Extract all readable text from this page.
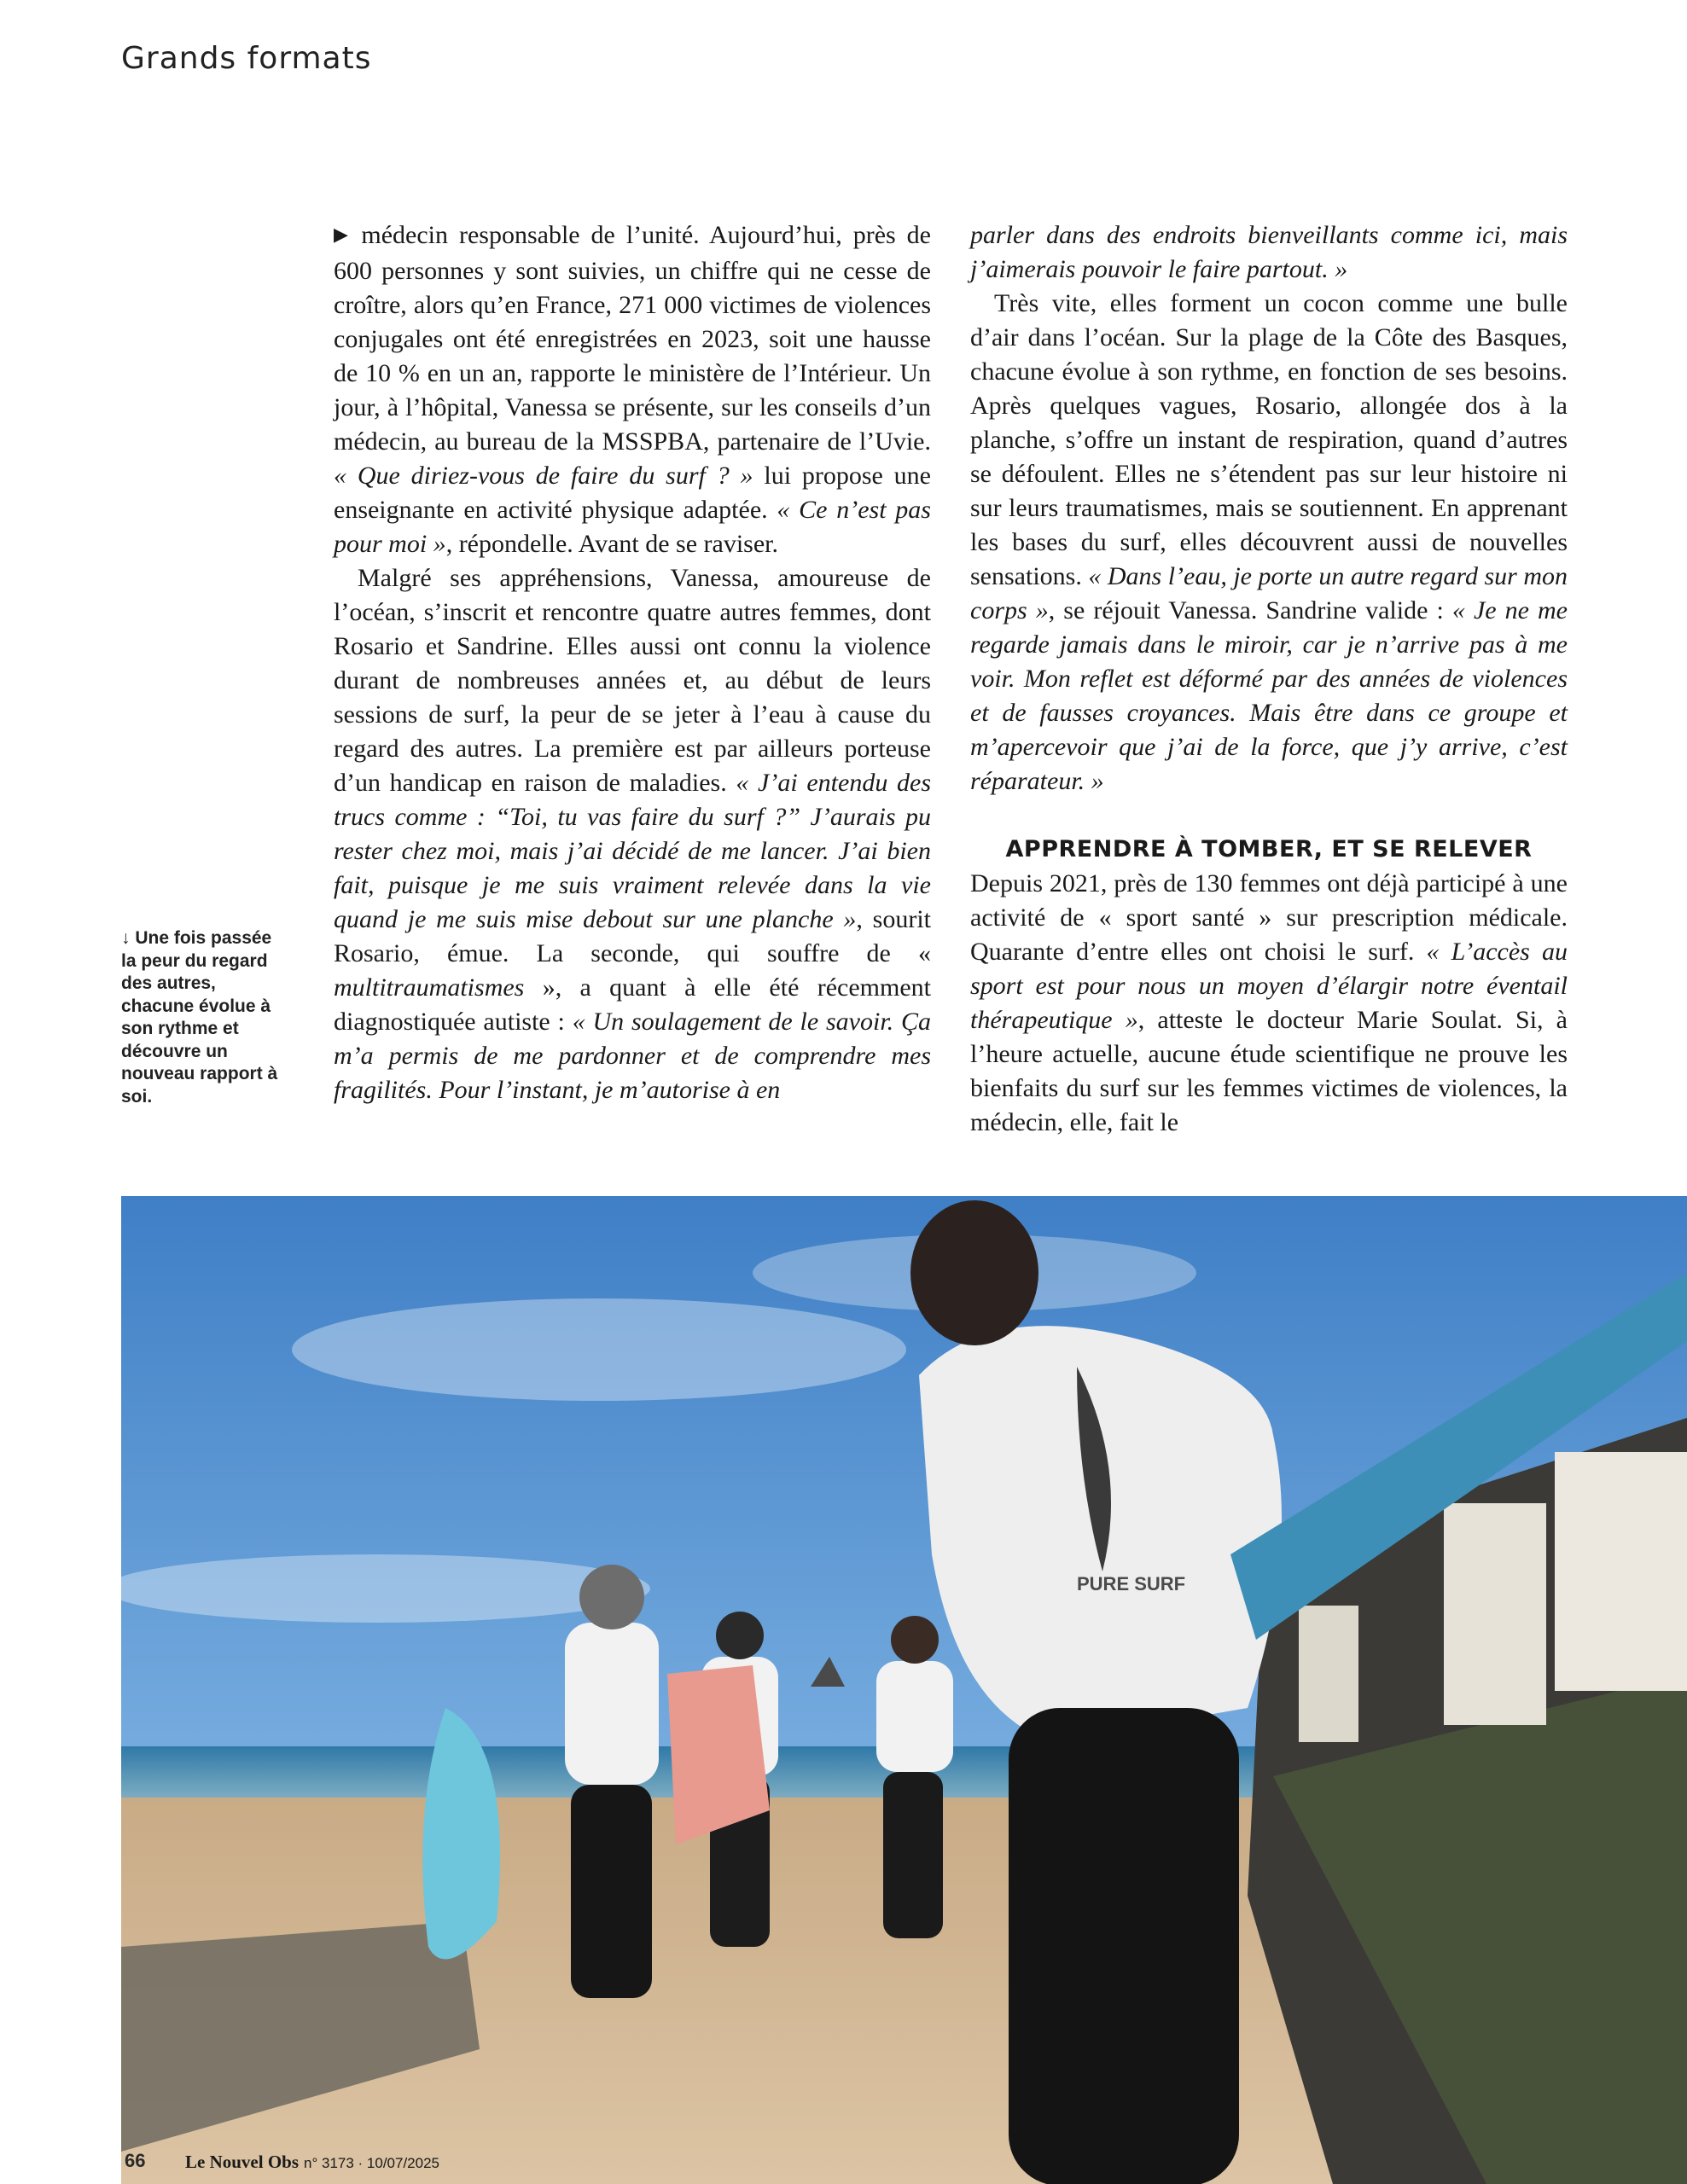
Grands formats
↓ Une fois passée la peur du regard des autres, chacune évolue à son rythme et découvre un nouveau rapport à soi.

▶ médecin responsable de l’unité. Aujourd’hui, près de 600 personnes y sont suivies, un chiffre qui ne cesse de croître, alors qu’en France, 271 000 victimes de violences conjugales ont été enregistrées en 2023, soit une hausse de 10 % en un an, rapporte le ministère de l’Intérieur. Un jour, à l’hôpital, Vanessa se présente, sur les conseils d’un médecin, au bureau de la MSSPBA, partenaire de l’Uvie. « Que diriez-vous de faire du surf ? » lui propose une enseignante en activité physique adaptée. « Ce n’est pas pour moi », répondelle. Avant de se raviser.

Malgré ses appréhensions, Vanessa, amoureuse de l’océan, s’inscrit et rencontre quatre autres femmes, dont Rosario et Sandrine. Elles aussi ont connu la violence durant de nombreuses années et, au début de leurs sessions de surf, la peur de se jeter à l’eau à cause du regard des autres. La première est par ailleurs porteuse d’un handicap en raison de maladies. « J’ai entendu des trucs comme : “Toi, tu vas faire du surf ?” J’aurais pu rester chez moi, mais j’ai décidé de me lancer. J’ai bien fait, puisque je me suis vraiment relevée dans la vie quand je me suis mise debout sur une planche », sourit Rosario, émue. La seconde, qui souffre de « multitraumatismes », a quant à elle été récemment diagnostiquée autiste : « Un soulagement de le savoir. Ça m’a permis de me pardonner et de comprendre mes fragilités. Pour l’instant, je m’autorise à en

parler dans des endroits bienveillants comme ici, mais j’aimerais pouvoir le faire partout. »

Très vite, elles forment un cocon comme une bulle d’air dans l’océan. Sur la plage de la Côte des Basques, chacune évolue à son rythme, en fonction de ses besoins. Après quelques vagues, Rosario, allongée dos à la planche, s’offre un instant de respiration, quand d’autres se défoulent. Elles ne s’étendent pas sur leur histoire ni sur leurs traumatismes, mais se soutiennent. En apprenant les bases du surf, elles découvrent aussi de nouvelles sensations. « Dans l’eau, je porte un autre regard sur mon corps », se réjouit Vanessa. Sandrine valide : « Je ne me regarde jamais dans le miroir, car je n’arrive pas à me voir. Mon reflet est déformé par des années de violences et de fausses croyances. Mais être dans ce groupe et m’apercevoir que j’ai de la force, que j’y arrive, c’est réparateur. »

APPRENDRE À TOMBER, ET SE RELEVER

Depuis 2021, près de 130 femmes ont déjà participé à une activité de « sport santé » sur prescription médicale. Quarante d’entre elles ont choisi le surf. « L’accès au sport est pour nous un moyen d’élargir notre éventail thérapeutique », atteste le docteur Marie Soulat. Si, à l’heure actuelle, aucune étude scientifique ne prouve les bienfaits du surf sur les femmes victimes de violences, la médecin, elle, fait le

PURE SURF
66 Le Nouvel Obs n° 3173 · 10/07/2025
